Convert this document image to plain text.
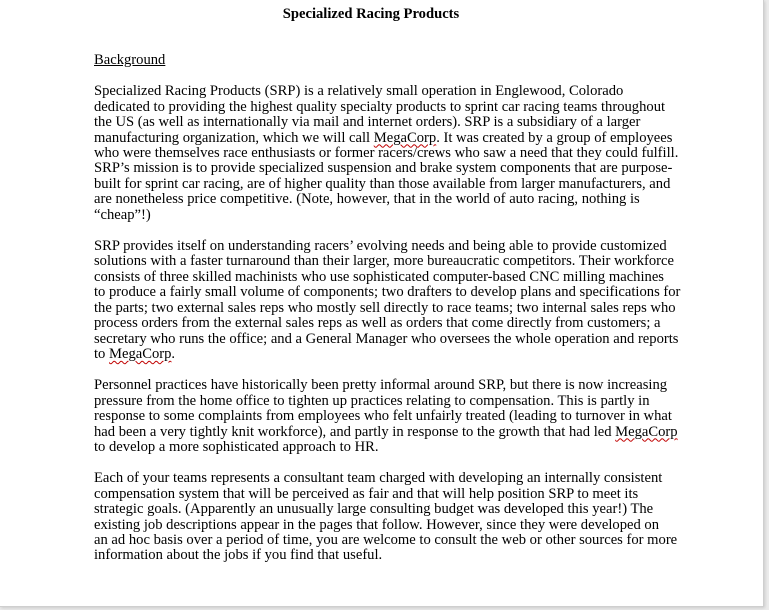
Specialized Racing Products
Background

Specialized Racing Products (SRP) is a relatively small operation in Englewood, Colorado
dedicated to providing the highest quality specialty products to sprint car racing teams throughout
the US (as well as internationally via mail and internet orders). SRP is a subsidiary of a larger
manufacturing organization, which we will call MegaCorp. It was created by a group of employees
who were themselves race enthusiasts or former racers/crews who saw a need that they could fulfill.
SRP’s mission is to provide specialized suspension and brake system components that are purpose-
built for sprint car racing, are of higher quality than those available from larger manufacturers, and
are nonetheless price competitive. (Note, however, that in the world of auto racing, nothing is
“cheap”!)

SRP provides itself on understanding racers’ evolving needs and being able to provide customized
solutions with a faster turnaround than their larger, more bureaucratic competitors. Their workforce
consists of three skilled machinists who use sophisticated computer-based CNC milling machines
to produce a fairly small volume of components; two drafters to develop plans and specifications for
the parts; two external sales reps who mostly sell directly to race teams; two internal sales reps who
process orders from the external sales reps as well as orders that come directly from customers; a
secretary who runs the office; and a General Manager who oversees the whole operation and reports
to MegaCorp.

Personnel practices have historically been pretty informal around SRP, but there is now increasing
pressure from the home office to tighten up practices relating to compensation. This is partly in
response to some complaints from employees who felt unfairly treated (leading to turnover in what
had been a very tightly knit workforce), and partly in response to the growth that had led MegaCorp
to develop a more sophisticated approach to HR.

Each of your teams represents a consultant team charged with developing an internally consistent
compensation system that will be perceived as fair and that will help position SRP to meet its
strategic goals. (Apparently an unusually large consulting budget was developed this year!) The
existing job descriptions appear in the pages that follow. However, since they were developed on
an ad hoc basis over a period of time, you are welcome to consult the web or other sources for more
information about the jobs if you find that useful.
